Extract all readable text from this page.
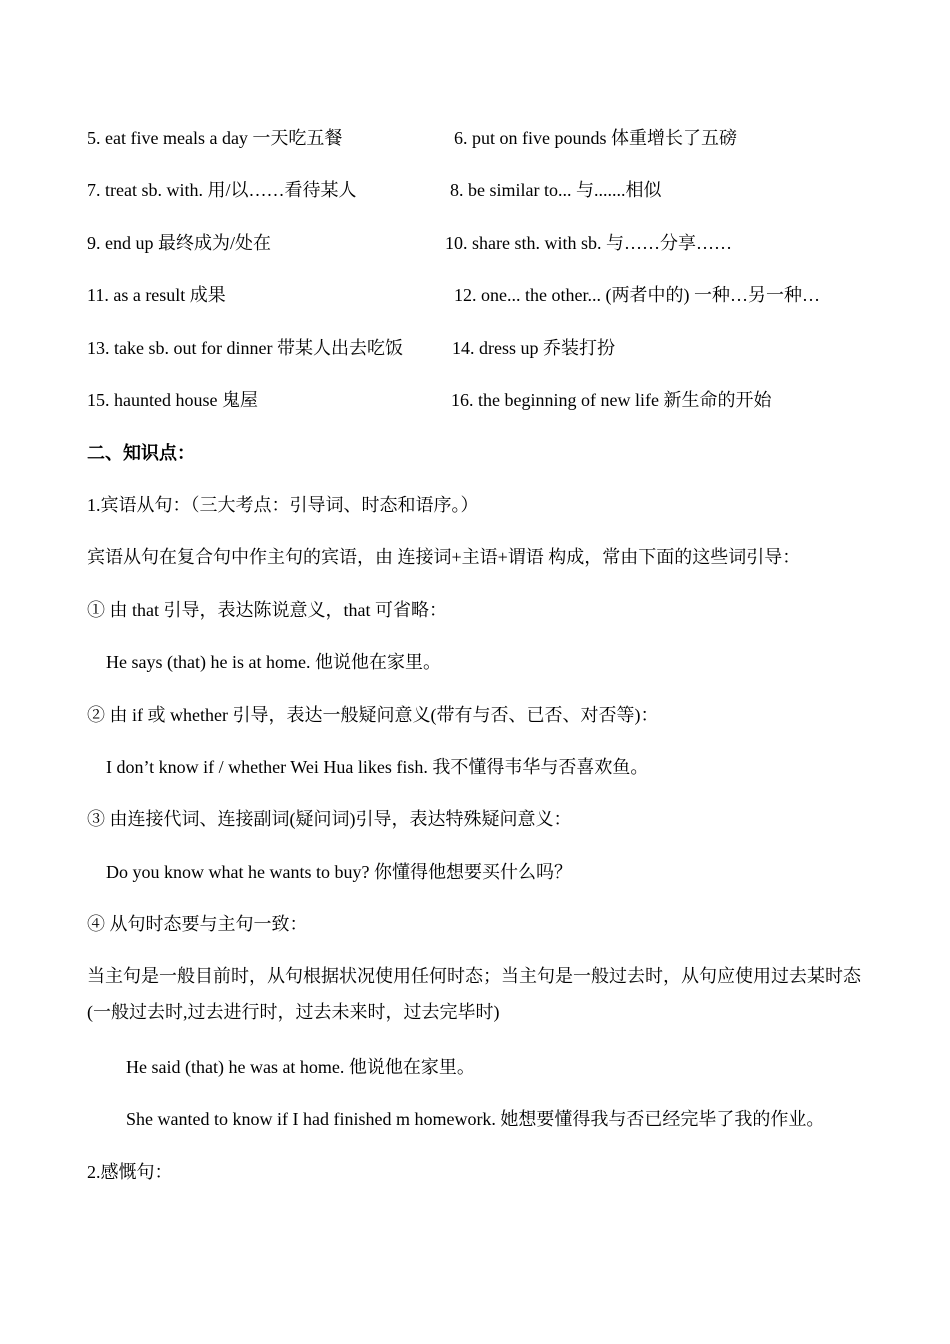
5. eat five meals a day 一天吃五餐	6. put on five pounds 体重增长了五磅
7. treat sb. with. 用/以……看待某人	8. be similar to... 与.......相似
9. end up 最终成为/处在	10. share sth. with sb. 与……分享……
11. as a result 成果	12. one... the other... (两者中的) 一种…另一种…
13. take sb. out for dinner 带某人出去吃饭	14. dress up 乔装打扮
15. haunted house 鬼屋	16. the beginning of new life 新生命的开始
二、知识点：
1.宾语从句：（三大考点：引导词、时态和语序。）
宾语从句在复合句中作主句的宾语，由 连接词+主语+谓语 构成，常由下面的这些词引导：
① 由 that 引导，表达陈说意义，that 可省略：
He says (that) he is at home. 他说他在家里。
② 由 if 或 whether 引导，表达一般疑问意义(带有与否、已否、对否等)：
I don’t know if / whether Wei Hua likes fish. 我不懂得韦华与否喜欢鱼。
③ 由连接代词、连接副词(疑问词)引导，表达特殊疑问意义：
Do you know what he wants to buy? 你懂得他想要买什么吗？
④ 从句时态要与主句一致：
当主句是一般目前时，从句根据状况使用任何时态；当主句是一般过去时，从句应使用过去某时态(一般过去时,过去进行时，过去未来时，过去完毕时)
He said (that) he was at home. 他说他在家里。
She wanted to know if I had finished m homework. 她想要懂得我与否已经完毕了我的作业。
2.感慨句：
